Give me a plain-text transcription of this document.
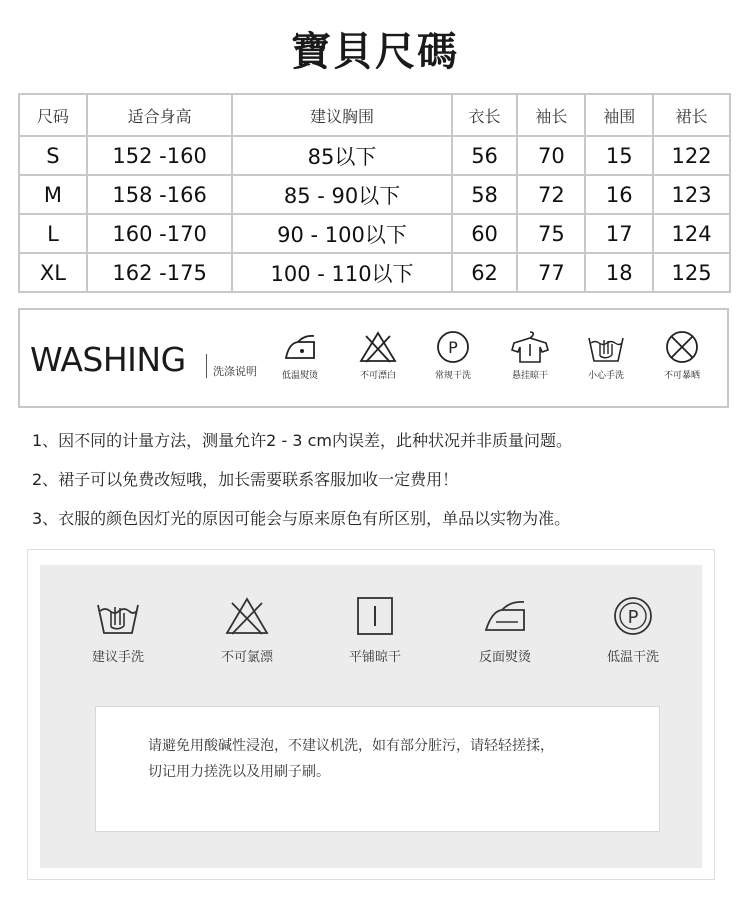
寶貝尺碼
尺码	适合身高	建议胸围	衣长	袖长	袖围	裙长
S	152 -160	85以下	56	70	15	122
M	158 -166	85 - 90以下	58	72	16	123
L	160 -170	90 - 100以下	60	75	17	124
XL	162 -175	100 - 110以下	62	77	18	125
WASHING 洗涤说明	低温熨烫	不可漂白
P
常规干洗	悬挂晾干	小心手洗	不可暴晒
1、因不同的计量方法，测量允许2 - 3 cm内误差，此种状况并非质量问题。
2、裙子可以免费改短哦，加长需要联系客服加收一定费用！
3、衣服的颜色因灯光的原因可能会与原来原色有所区别，单品以实物为准。
建议手洗	不可氯漂	平铺晾干	反面熨烫
P
低温干洗
请避免用酸碱性浸泡，不建议机洗，如有部分脏污，请轻轻搓揉，
切记用力搓洗以及用刷子刷。
